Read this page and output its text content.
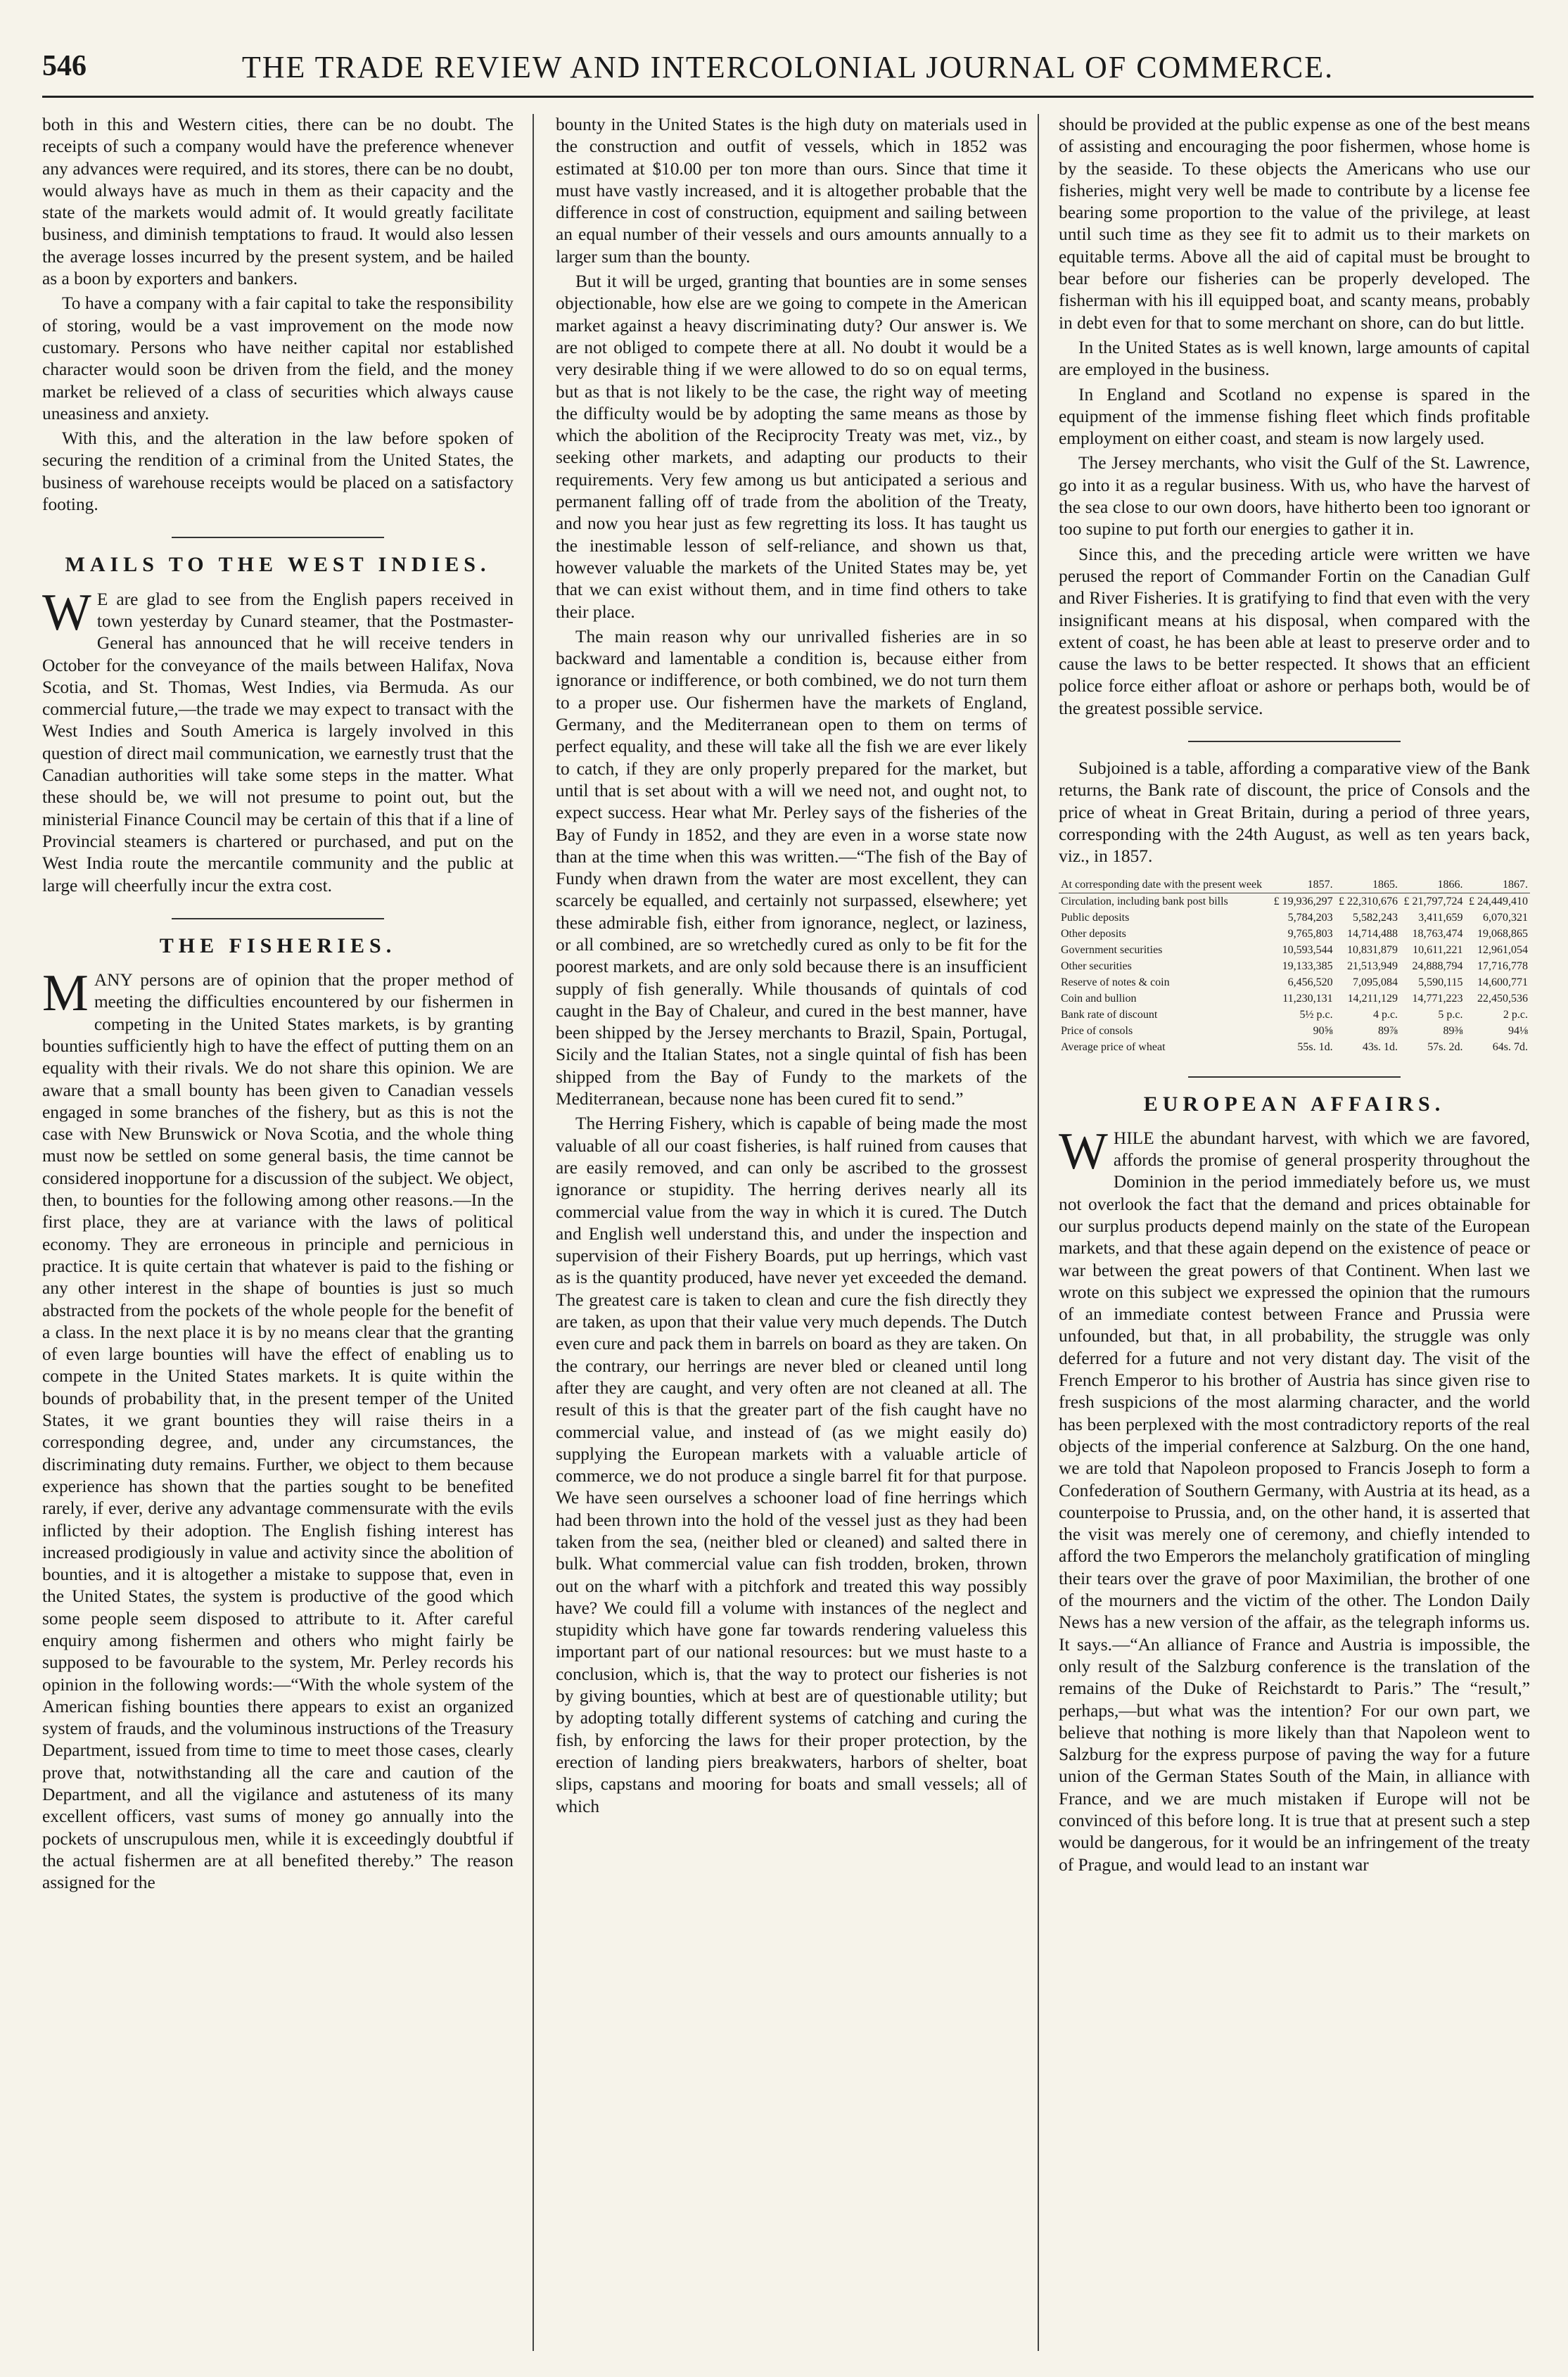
546	THE TRADE REVIEW AND INTERCOLONIAL JOURNAL OF COMMERCE.

both in this and Western cities, there can be no doubt. The receipts of such a company would have the preference whenever any advances were required, and its stores, there can be no doubt, would always have as much in them as their capacity and the state of the markets would admit of. It would greatly facilitate business, and diminish temptations to fraud. It would also lessen the average losses incurred by the present system, and be hailed as a boon by exporters and bankers.

To have a company with a fair capital to take the responsibility of storing, would be a vast improvement on the mode now customary. Persons who have neither capital nor established character would soon be driven from the field, and the money market be relieved of a class of securities which always cause uneasiness and anxiety.

With this, and the alteration in the law before spoken of securing the rendition of a criminal from the United States, the business of warehouse receipts would be placed on a satisfactory footing.

MAILS TO THE WEST INDIES.

W E are glad to see from the English papers received in town yesterday by Cunard steamer, that the Postmaster-General has announced that he will receive tenders in October for the conveyance of the mails between Halifax, Nova Scotia, and St. Thomas, West Indies, via Bermuda. As our commercial future,—the trade we may expect to transact with the West Indies and South America is largely involved in this question of direct mail communication, we earnestly trust that the Canadian authorities will take some steps in the matter. What these should be, we will not presume to point out, but the ministerial Finance Council may be certain of this that if a line of Provincial steamers is chartered or purchased, and put on the West India route the mercantile community and the public at large will cheerfully incur the extra cost.

THE FISHERIES.

MANY persons are of opinion that the proper method of meeting the difficulties encountered by our fishermen in competing in the United States markets, is by granting bounties sufficiently high to have the effect of putting them on an equality with their rivals. We do not share this opinion. We are aware that a small bounty has been given to Canadian vessels engaged in some branches of the fishery, but as this is not the case with New Brunswick or Nova Scotia, and the whole thing must now be settled on some general basis, the time cannot be considered inopportune for a discussion of the subject. We object, then, to bounties for the following among other reasons.—In the first place, they are at variance with the laws of political economy. They are erroneous in principle and pernicious in practice. It is quite certain that whatever is paid to the fishing or any other interest in the shape of bounties is just so much abstracted from the pockets of the whole people for the benefit of a class. In the next place it is by no means clear that the granting of even large bounties will have the effect of enabling us to compete in the United States markets. It is quite within the bounds of probability that, in the present temper of the United States, it we grant bounties they will raise theirs in a corresponding degree, and, under any circumstances, the discriminating duty remains. Further, we object to them because experience has shown that the parties sought to be benefited rarely, if ever, derive any advantage commensurate with the evils inflicted by their adoption. The English fishing interest has increased prodigiously in value and activity since the abolition of bounties, and it is altogether a mistake to suppose that, even in the United States, the system is productive of the good which some people seem disposed to attribute to it. After careful enquiry among fishermen and others who might fairly be supposed to be favourable to the system, Mr. Perley records his opinion in the following words:—“With the whole system of the American fishing bounties there appears to exist an organized system of frauds, and the voluminous instructions of the Treasury Department, issued from time to time to meet those cases, clearly prove that, notwithstanding all the care and caution of the Department, and all the vigilance and astuteness of its many excellent officers, vast sums of money go annually into the pockets of unscrupulous men, while it is exceedingly doubtful if the actual fishermen are at all benefited thereby.” The reason assigned for the

bounty in the United States is the high duty on materials used in the construction and outfit of vessels, which in 1852 was estimated at $10.00 per ton more than ours. Since that time it must have vastly increased, and it is altogether probable that the difference in cost of construction, equipment and sailing between an equal number of their vessels and ours amounts annually to a larger sum than the bounty.

But it will be urged, granting that bounties are in some senses objectionable, how else are we going to compete in the American market against a heavy discriminating duty? Our answer is. We are not obliged to compete there at all. No doubt it would be a very desirable thing if we were allowed to do so on equal terms, but as that is not likely to be the case, the right way of meeting the difficulty would be by adopting the same means as those by which the abolition of the Reciprocity Treaty was met, viz., by seeking other markets, and adapting our products to their requirements. Very few among us but anticipated a serious and permanent falling off of trade from the abolition of the Treaty, and now you hear just as few regretting its loss. It has taught us the inestimable lesson of self-reliance, and shown us that, however valuable the markets of the United States may be, yet that we can exist without them, and in time find others to take their place.

The main reason why our unrivalled fisheries are in so backward and lamentable a condition is, because either from ignorance or indifference, or both combined, we do not turn them to a proper use. Our fishermen have the markets of England, Germany, and the Mediterranean open to them on terms of perfect equality, and these will take all the fish we are ever likely to catch, if they are only properly prepared for the market, but until that is set about with a will we need not, and ought not, to expect success. Hear what Mr. Perley says of the fisheries of the Bay of Fundy in 1852, and they are even in a worse state now than at the time when this was written.—“The fish of the Bay of Fundy when drawn from the water are most excellent, they can scarcely be equalled, and certainly not surpassed, elsewhere; yet these admirable fish, either from ignorance, neglect, or laziness, or all combined, are so wretchedly cured as only to be fit for the poorest markets, and are only sold because there is an insufficient supply of fish generally. While thousands of quintals of cod caught in the Bay of Chaleur, and cured in the best manner, have been shipped by the Jersey merchants to Brazil, Spain, Portugal, Sicily and the Italian States, not a single quintal of fish has been shipped from the Bay of Fundy to the markets of the Mediterranean, because none has been cured fit to send.”

The Herring Fishery, which is capable of being made the most valuable of all our coast fisheries, is half ruined from causes that are easily removed, and can only be ascribed to the grossest ignorance or stupidity. The herring derives nearly all its commercial value from the way in which it is cured. The Dutch and English well understand this, and under the inspection and supervision of their Fishery Boards, put up herrings, which vast as is the quantity produced, have never yet exceeded the demand. The greatest care is taken to clean and cure the fish directly they are taken, as upon that their value very much depends. The Dutch even cure and pack them in barrels on board as they are taken. On the contrary, our herrings are never bled or cleaned until long after they are caught, and very often are not cleaned at all. The result of this is that the greater part of the fish caught have no commercial value, and instead of (as we might easily do) supplying the European markets with a valuable article of commerce, we do not produce a single barrel fit for that purpose. We have seen ourselves a schooner load of fine herrings which had been thrown into the hold of the vessel just as they had been taken from the sea, (neither bled or cleaned) and salted there in bulk. What commercial value can fish trodden, broken, thrown out on the wharf with a pitchfork and treated this way possibly have? We could fill a volume with instances of the neglect and stupidity which have gone far towards rendering valueless this important part of our national resources: but we must haste to a conclusion, which is, that the way to protect our fisheries is not by giving bounties, which at best are of questionable utility; but by adopting totally different systems of catching and curing the fish, by enforcing the laws for their proper protection, by the erection of landing piers breakwaters, harbors of shelter, boat slips, capstans and mooring for boats and small vessels; all of which

should be provided at the public expense as one of the best means of assisting and encouraging the poor fishermen, whose home is by the seaside. To these objects the Americans who use our fisheries, might very well be made to contribute by a license fee bearing some proportion to the value of the privilege, at least until such time as they see fit to admit us to their markets on equitable terms. Above all the aid of capital must be brought to bear before our fisheries can be properly developed. The fisherman with his ill equipped boat, and scanty means, probably in debt even for that to some merchant on shore, can do but little.

In the United States as is well known, large amounts of capital are employed in the business.

In England and Scotland no expense is spared in the equipment of the immense fishing fleet which finds profitable employment on either coast, and steam is now largely used.

The Jersey merchants, who visit the Gulf of the St. Lawrence, go into it as a regular business. With us, who have the harvest of the sea close to our own doors, have hitherto been too ignorant or too supine to put forth our energies to gather it in.

Since this, and the preceding article were written we have perused the report of Commander Fortin on the Canadian Gulf and River Fisheries. It is gratifying to find that even with the very insignificant means at his disposal, when compared with the extent of coast, he has been able at least to preserve order and to cause the laws to be better respected. It shows that an efficient police force either afloat or ashore or perhaps both, would be of the greatest possible service.

Subjoined is a table, affording a comparative view of the Bank returns, the Bank rate of discount, the price of Consols and the price of wheat in Great Britain, during a period of three years, corresponding with the 24th August, as well as ten years back, viz., in 1857.

At corresponding date with the present week	1857.	1865.	1866.	1867.
Circulation, including bank post bills	£ 19,936,297	£ 22,310,676	£ 21,797,724	£ 24,449,410
Public deposits	5,784,203	5,582,243	3,411,659	6,070,321
Other deposits	9,765,803	14,714,488	18,763,474	19,068,865
Government securities	10,593,544	10,831,879	10,611,221	12,961,054
Other securities	19,133,385	21,513,949	24,888,794	17,716,778
Reserve of notes & coin	6,456,520	7,095,084	5,590,115	14,600,771
Coin and bullion	11,230,131	14,211,129	14,771,223	22,450,536
Bank rate of discount	5½ p.c.	4 p.c.	5 p.c.	2 p.c.
Price of consols	90⅝	89⅞	89⅜	94⅛
Average price of wheat	55s. 1d.	43s. 1d.	57s. 2d.	64s. 7d.
EUROPEAN AFFAIRS.

WHILE the abundant harvest, with which we are favored, affords the promise of general prosperity throughout the Dominion in the period immediately before us, we must not overlook the fact that the demand and prices obtainable for our surplus products depend mainly on the state of the European markets, and that these again depend on the existence of peace or war between the great powers of that Continent. When last we wrote on this subject we expressed the opinion that the rumours of an immediate contest between France and Prussia were unfounded, but that, in all probability, the struggle was only deferred for a future and not very distant day. The visit of the French Emperor to his brother of Austria has since given rise to fresh suspicions of the most alarming character, and the world has been perplexed with the most contradictory reports of the real objects of the imperial conference at Salzburg. On the one hand, we are told that Napoleon proposed to Francis Joseph to form a Confederation of Southern Germany, with Austria at its head, as a counterpoise to Prussia, and, on the other hand, it is asserted that the visit was merely one of ceremony, and chiefly intended to afford the two Emperors the melancholy gratification of mingling their tears over the grave of poor Maximilian, the brother of one of the mourners and the victim of the other. The London Daily News has a new version of the affair, as the telegraph informs us. It says.—“An alliance of France and Austria is impossible, the only result of the Salzburg conference is the translation of the remains of the Duke of Reichstardt to Paris.” The “result,” perhaps,—but what was the intention? For our own part, we believe that nothing is more likely than that Napoleon went to Salzburg for the express purpose of paving the way for a future union of the German States South of the Main, in alliance with France, and we are much mistaken if Europe will not be convinced of this before long. It is true that at present such a step would be dangerous, for it would be an infringement of the treaty of Prague, and would lead to an instant war
